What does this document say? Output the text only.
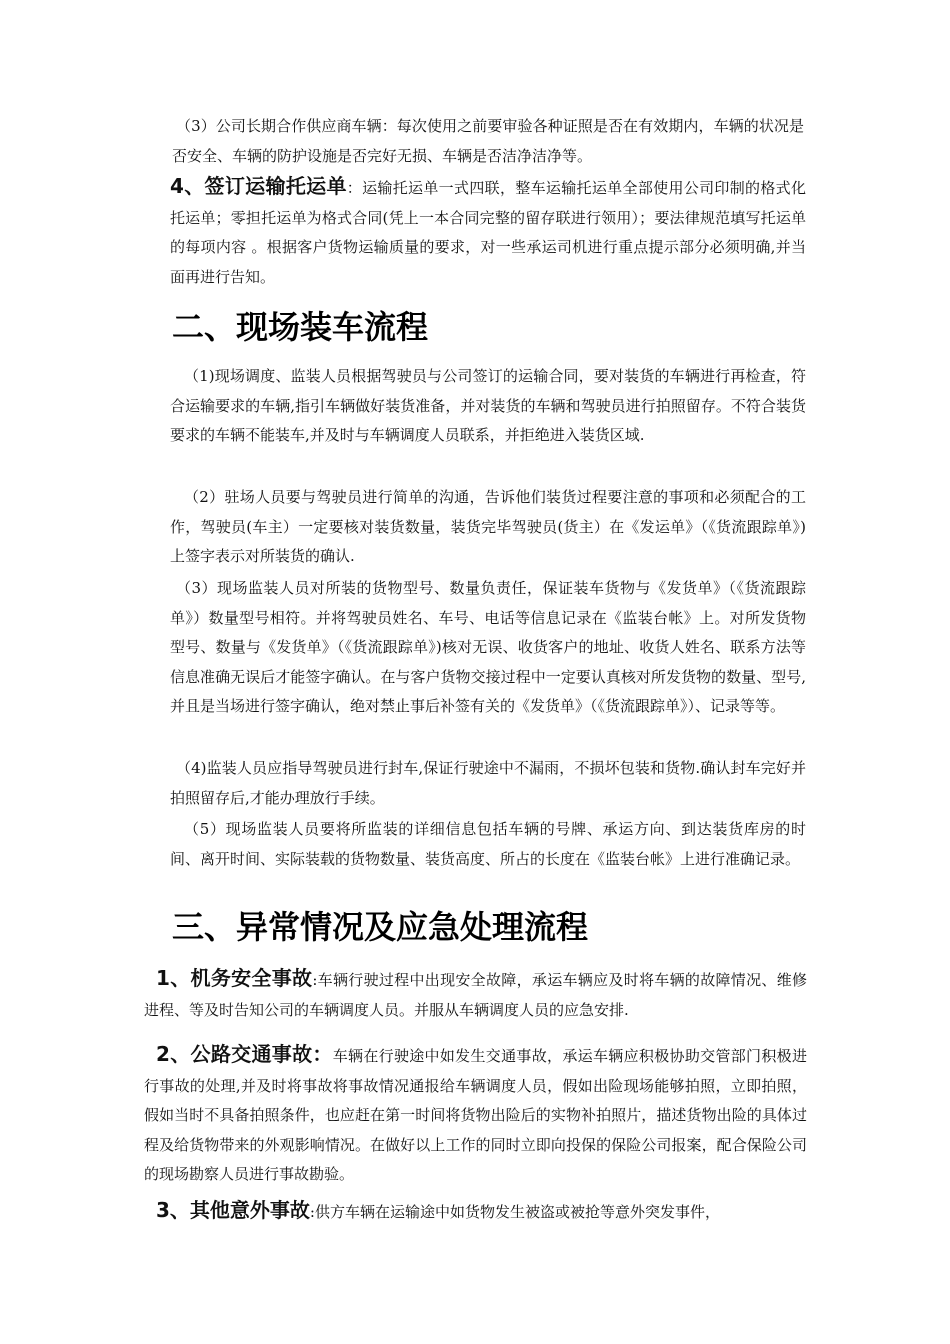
（3）公司长期合作供应商车辆：每次使用之前要审验各种证照是否在有效期内，车辆的状况是否安全、车辆的防护设施是否完好无损、车辆是否洁净洁净等。

4、签订运输托运单：运输托运单一式四联，整车运输托运单全部使用公司印制的格式化托运单；零担托运单为格式合同(凭上一本合同完整的留存联进行领用）；要法律规范填写托运单的每项内容 。根据客户货物运输质量的要求，对一些承运司机进行重点提示部分必须明确,并当面再进行告知。

二、现场装车流程

（1)现场调度、监装人员根据驾驶员与公司签订的运输合同，要对装货的车辆进行再检查，符合运输要求的车辆,指引车辆做好装货准备，并对装货的车辆和驾驶员进行拍照留存。不符合装货要求的车辆不能装车,并及时与车辆调度人员联系，并拒绝进入装货区域.

（2）驻场人员要与驾驶员进行简单的沟通，告诉他们装货过程要注意的事项和必须配合的工作，驾驶员(车主）一定要核对装货数量，装货完毕驾驶员(货主）在《发运单》（《货流跟踪单》)上签字表示对所装货的确认.

（3）现场监装人员对所装的货物型号、数量负责任，保证装车货物与《发货单》（《货流跟踪单》）数量型号相符。并将驾驶员姓名、车号、电话等信息记录在《监装台帐》上。对所发货物型号、数量与《发货单》（《货流跟踪单》)核对无误、收货客户的地址、收货人姓名、联系方法等信息准确无误后才能签字确认。在与客户货物交接过程中一定要认真核对所发货物的数量、型号,并且是当场进行签字确认，绝对禁止事后补签有关的《发货单》（《货流跟踪单》）、记录等等。

（4)监装人员应指导驾驶员进行封车,保证行驶途中不漏雨，不损坏包装和货物.确认封车完好并拍照留存后,才能办理放行手续。

（5）现场监装人员要将所监装的详细信息包括车辆的号牌、承运方向、到达装货库房的时间、离开时间、实际装载的货物数量、装货高度、所占的长度在《监装台帐》上进行准确记录。

三、异常情况及应急处理流程

1、机务安全事故:车辆行驶过程中出现安全故障，承运车辆应及时将车辆的故障情况、维修进程、等及时告知公司的车辆调度人员。并服从车辆调度人员的应急安排.

2、公路交通事故：车辆在行驶途中如发生交通事故，承运车辆应积极协助交管部门积极进行事故的处理,并及时将事故将事故情况通报给车辆调度人员，假如出险现场能够拍照，立即拍照，假如当时不具备拍照条件，也应赶在第一时间将货物出险后的实物补拍照片，描述货物出险的具体过程及给货物带来的外观影响情况。在做好以上工作的同时立即向投保的保险公司报案，配合保险公司的现场勘察人员进行事故勘验。

3、其他意外事故:供方车辆在运输途中如货物发生被盗或被抢等意外突发事件，
